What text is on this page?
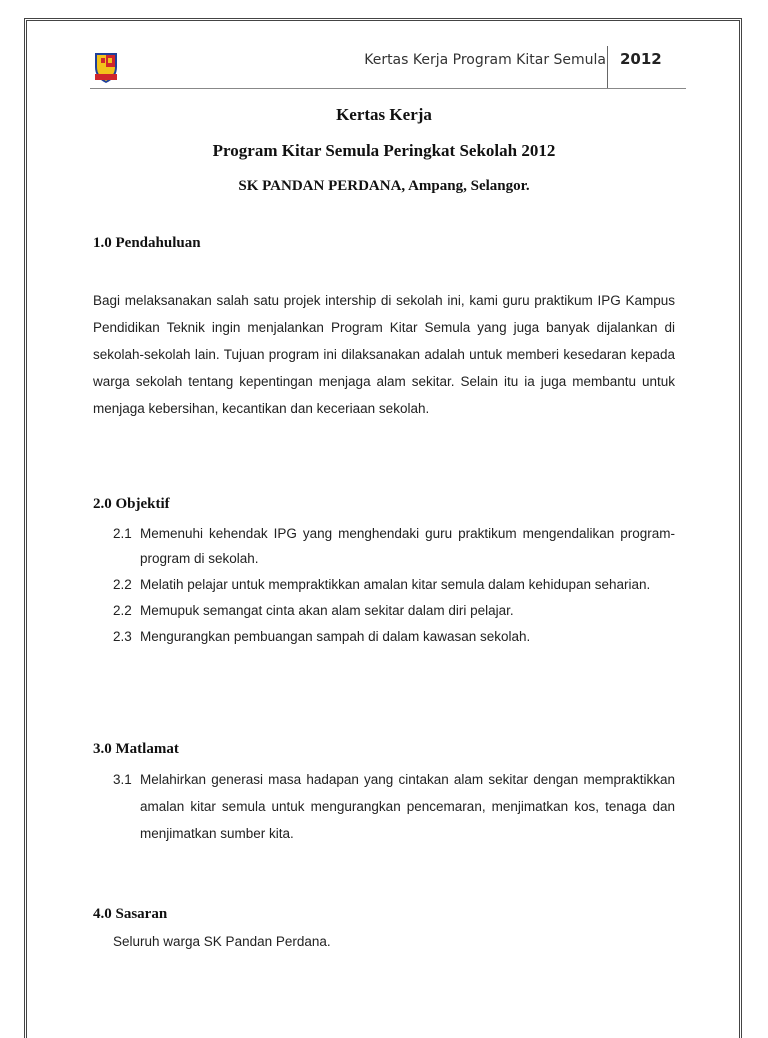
Kertas Kerja Program Kitar Semula 2012
Kertas Kerja
Program Kitar Semula Peringkat Sekolah 2012
SK PANDAN PERDANA, Ampang, Selangor.
1.0 Pendahuluan
Bagi melaksanakan salah satu projek intership di sekolah ini, kami guru praktikum IPG Kampus Pendidikan Teknik ingin menjalankan Program Kitar Semula yang juga banyak dijalankan di sekolah-sekolah lain. Tujuan program ini dilaksanakan adalah untuk memberi kesedaran kepada warga sekolah tentang kepentingan menjaga alam sekitar. Selain itu ia juga membantu untuk menjaga kebersihan, kecantikan dan keceriaan sekolah.
2.0 Objektif
2.1 Memenuhi kehendak IPG yang menghendaki guru praktikum mengendalikan program-program di sekolah.
2.2 Melatih pelajar untuk mempraktikkan amalan kitar semula dalam kehidupan seharian.
2.2 Memupuk semangat cinta akan alam sekitar dalam diri pelajar.
2.3 Mengurangkan pembuangan sampah di dalam kawasan sekolah.
3.0 Matlamat
3.1 Melahirkan generasi masa hadapan yang cintakan alam sekitar dengan mempraktikkan amalan kitar semula untuk mengurangkan pencemaran, menjimatkan kos, tenaga dan menjimatkan sumber kita.
4.0 Sasaran
Seluruh warga SK Pandan Perdana.
